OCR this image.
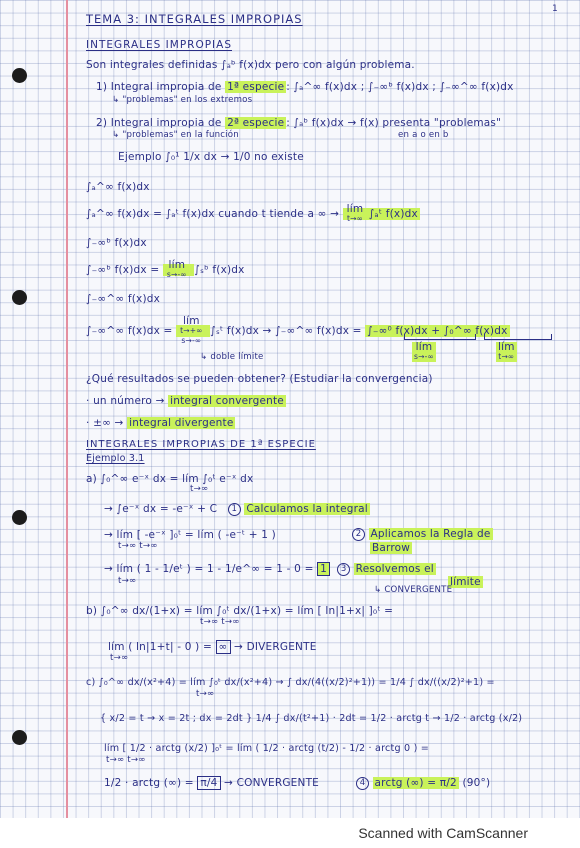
1
TEMA 3: INTEGRALES IMPROPIAS
INTEGRALES IMPROPIAS
Son integrales definidas ∫ₐᵇ f(x)dx pero con algún problema.
1) Integral impropia de 1ª especie : ∫ₐ^∞ f(x)dx ; ∫₋∞ᵇ f(x)dx ; ∫₋∞^∞ f(x)dx
↳ "problemas" en los extremos
2) Integral impropia de 2ª especie : ∫ₐᵇ f(x)dx → f(x) presenta "problemas"
↳ "problemas" en la función	en a o en b
Ejemplo ∫₀¹ 1/x dx → 1/0 no existe
∫ₐ^∞ f(x)dx
∫ₐ^∞ f(x)dx = ∫ₐᵗ f(x)dx cuando t tiende a ∞ → lím
t→∞ ∫ₐᵗ f(x)dx
∫₋∞ᵇ f(x)dx
∫₋∞ᵇ f(x)dx = lím
s→-∞ ∫ₛᵇ f(x)dx
∫₋∞^∞ f(x)dx
∫₋∞^∞ f(x)dx =
lím
t→+∞
s→-∞
∫ₛᵗ f(x)dx → ∫₋∞^∞ f(x)dx = ∫₋∞⁰ f(x)dx + ∫₀^∞ f(x)dx
lím
s→-∞
lím
t→∞
↳ doble límite
¿Qué resultados se pueden obtener? (Estudiar la convergencia)
· un número → integral convergente
· ±∞ → integral divergente
INTEGRALES IMPROPIAS DE 1ª ESPECIE
Ejemplo 3.1
a) ∫₀^∞ e⁻ˣ dx = lím ∫₀ᵗ e⁻ˣ dx
t→∞
→ ∫e⁻ˣ dx = -e⁻ˣ + C 1 Calculamos la integral
→ lím [ -e⁻ˣ ]₀ᵗ = lím ( -e⁻ᵗ + 1 )
t→∞ t→∞
2 Aplicamos la Regla de
Barrow
→ lím ( 1 - 1/eᵗ ) = 1 - 1/e^∞ = 1 - 0 = 1 3 Resolvemos el
t→∞	límite
↳ CONVERGENTE
b) ∫₀^∞ dx/(1+x) = lím ∫₀ᵗ dx/(1+x) = lím [ ln|1+x| ]₀ᵗ =
t→∞ t→∞
lím ( ln|1+t| - 0 ) = ∞ → DIVERGENTE
t→∞
c) ∫₀^∞ dx/(x²+4) = lím ∫₀ᵗ dx/(x²+4) → ∫ dx/(4((x/2)²+1)) = 1/4 ∫ dx/((x/2)²+1) =
t→∞
{ x/2 = t → x = 2t ; dx = 2dt } 1/4 ∫ dx/(t²+1) · 2dt = 1/2 · arctg t → 1/2 · arctg (x/2)
lím [ 1/2 · arctg (x/2) ]₀ᵗ = lím ( 1/2 · arctg (t/2) - 1/2 · arctg 0 ) =
t→∞ t→∞
1/2 · arctg (∞) = π/4 → CONVERGENTE	4 arctg (∞) = π/2 (90°)
Scanned with CamScanner
